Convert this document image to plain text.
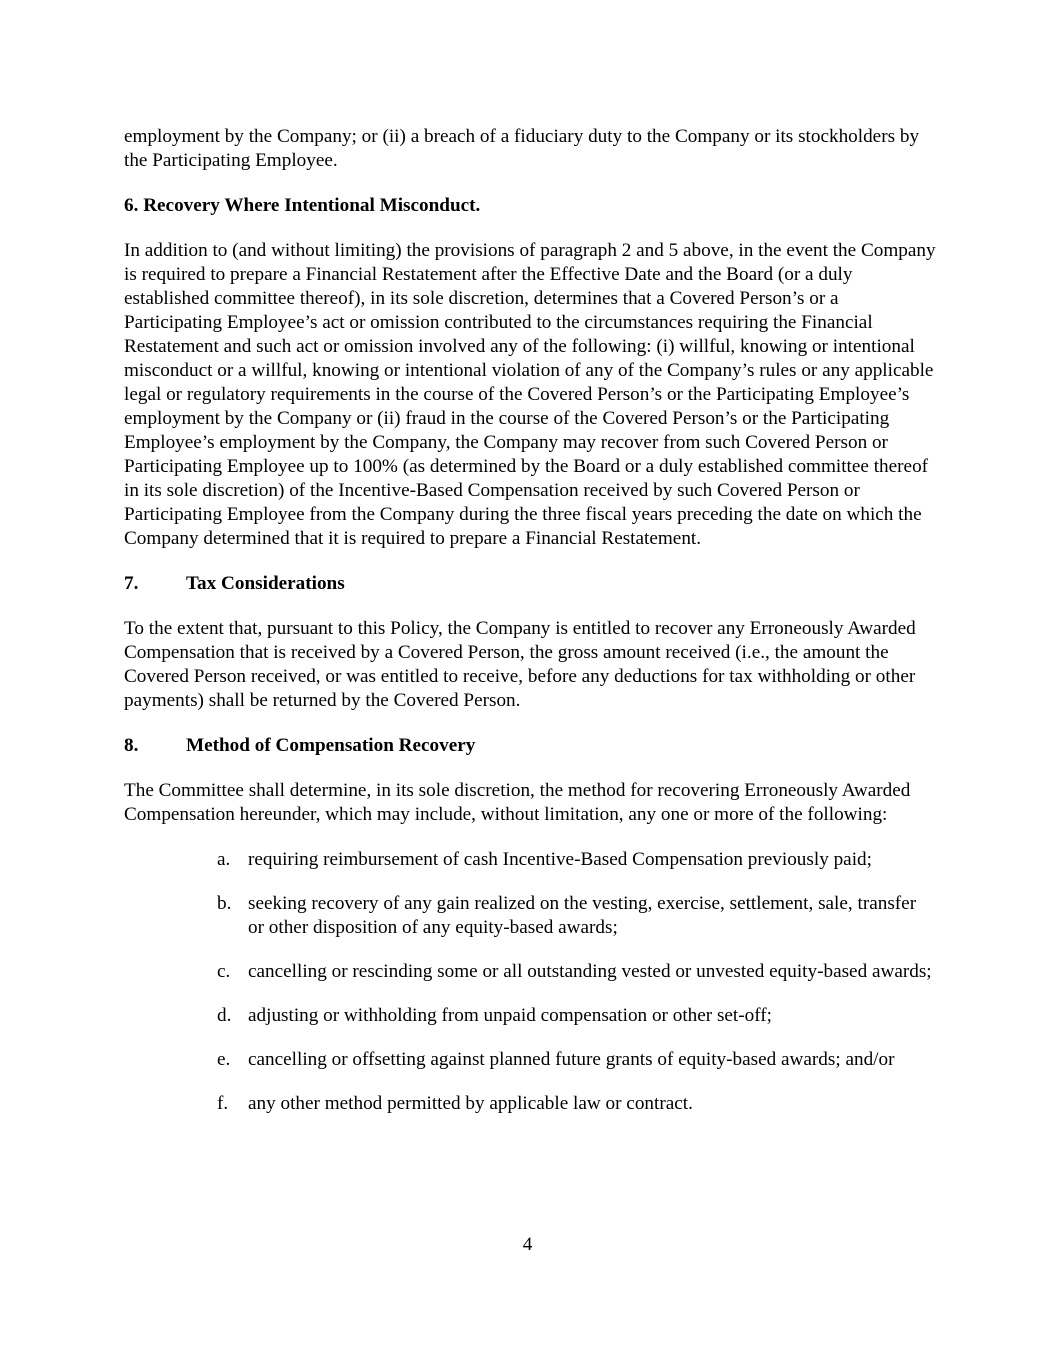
employment by the Company; or (ii) a breach of a fiduciary duty to the Company or its stockholders by the Participating Employee.

6. Recovery Where Intentional Misconduct.

In addition to (and without limiting) the provisions of paragraph 2 and 5 above, in the event the Company is required to prepare a Financial Restatement after the Effective Date and the Board (or a duly established committee thereof), in its sole discretion, determines that a Covered Person’s or a Participating Employee’s act or omission contributed to the circumstances requiring the Financial Restatement and such act or omission involved any of the following: (i) willful, knowing or intentional misconduct or a willful, knowing or intentional violation of any of the Company’s rules or any applicable legal or regulatory requirements in the course of the Covered Person’s or the Participating Employee’s employment by the Company or (ii) fraud in the course of the Covered Person’s or the Participating Employee’s employment by the Company, the Company may recover from such Covered Person or Participating Employee up to 100% (as determined by the Board or a duly established committee thereof in its sole discretion) of the Incentive-Based Compensation received by such Covered Person or Participating Employee from the Company during the three fiscal years preceding the date on which the Company determined that it is required to prepare a Financial Restatement.

7. Tax Considerations

To the extent that, pursuant to this Policy, the Company is entitled to recover any Erroneously Awarded Compensation that is received by a Covered Person, the gross amount received (i.e., the amount the Covered Person received, or was entitled to receive, before any deductions for tax withholding or other payments) shall be returned by the Covered Person.

8. Method of Compensation Recovery

The Committee shall determine, in its sole discretion, the method for recovering Erroneously Awarded Compensation hereunder, which may include, without limitation, any one or more of the following:

a. requiring reimbursement of cash Incentive-Based Compensation previously paid;
b. seeking recovery of any gain realized on the vesting, exercise, settlement, sale, transfer or other disposition of any equity-based awards;
c. cancelling or rescinding some or all outstanding vested or unvested equity-based awards;
d. adjusting or withholding from unpaid compensation or other set-off;
e. cancelling or offsetting against planned future grants of equity-based awards; and/or
f. any other method permitted by applicable law or contract.
4
